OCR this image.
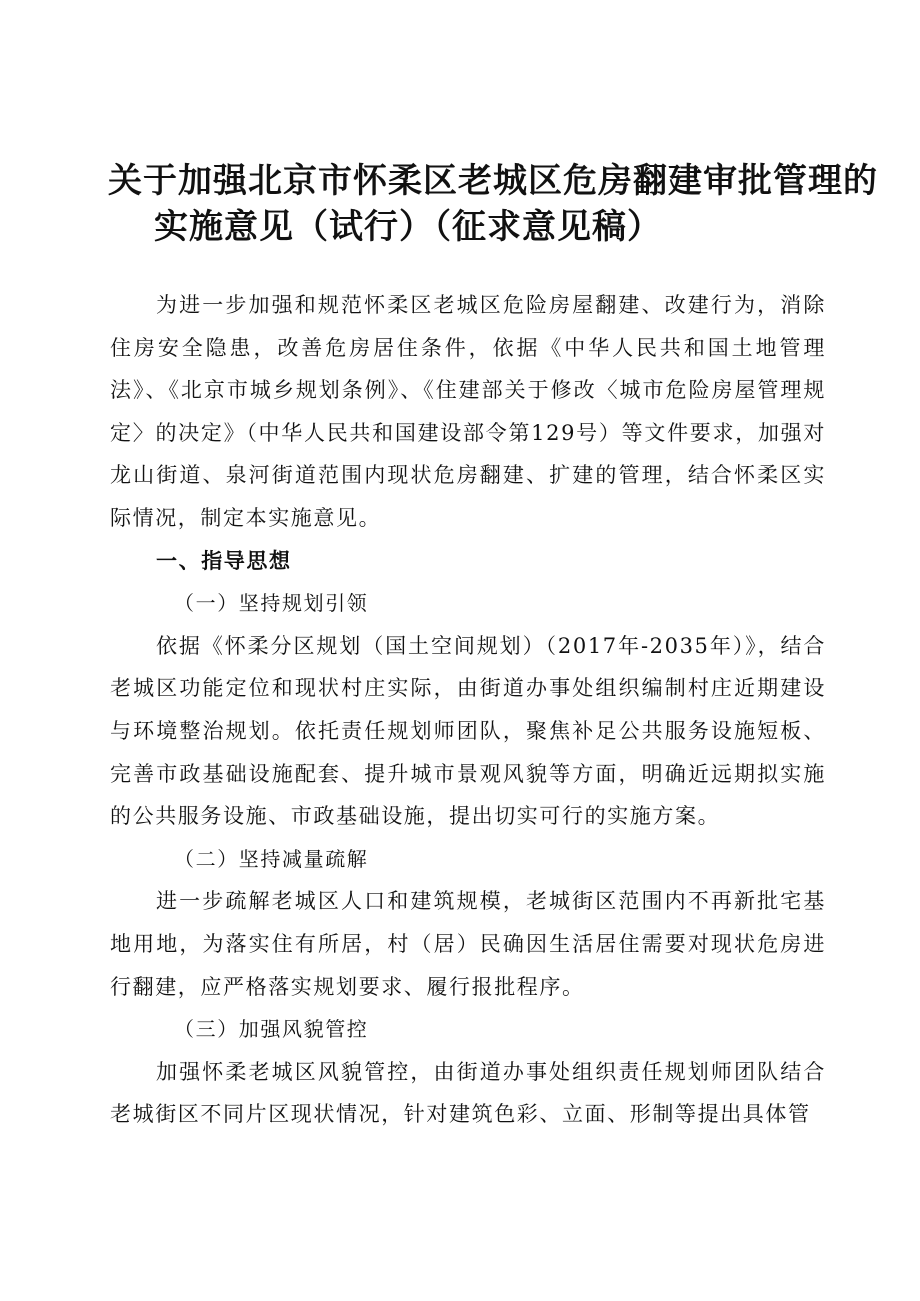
关于加强北京市怀柔区老城区危房翻建审批管理的
实施意见（试行）（征求意见稿）

为进一步加强和规范怀柔区老城区危险房屋翻建、改建行为，消除住房安全隐患，改善危房居住条件，依据《中华人民共和国土地管理法》、《北京市城乡规划条例》、《住建部关于修改〈城市危险房屋管理规定〉的决定》（中华人民共和国建设部令第129号）等文件要求，加强对龙山街道、泉河街道范围内现状危房翻建、扩建的管理，结合怀柔区实际情况，制定本实施意见。

一、指导思想

（一）坚持规划引领

依据《怀柔分区规划（国土空间规划）（2017年-2035年）》，结合老城区功能定位和现状村庄实际，由街道办事处组织编制村庄近期建设与环境整治规划。依托责任规划师团队，聚焦补足公共服务设施短板、完善市政基础设施配套、提升城市景观风貌等方面，明确近远期拟实施的公共服务设施、市政基础设施，提出切实可行的实施方案。

（二）坚持减量疏解

进一步疏解老城区人口和建筑规模，老城街区范围内不再新批宅基地用地，为落实住有所居，村（居）民确因生活居住需要对现状危房进行翻建，应严格落实规划要求、履行报批程序。

（三）加强风貌管控

加强怀柔老城区风貌管控，由街道办事处组织责任规划师团队结合老城街区不同片区现状情况，针对建筑色彩、立面、形制等提出具体管
